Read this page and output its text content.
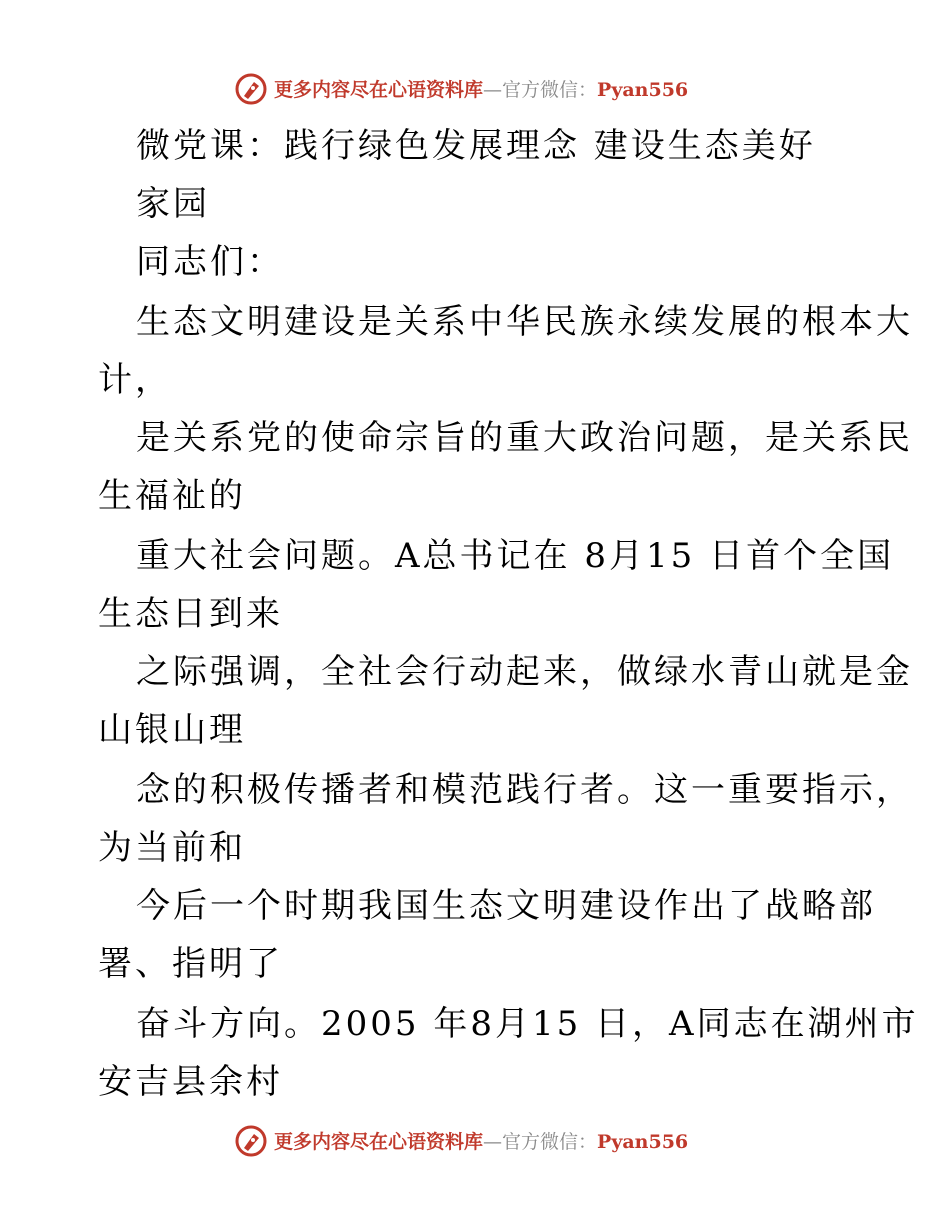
更多内容尽在心语资料库—官方微信：Pyan556
微党课：践行绿色发展理念 建设生态美好
家园
同志们：
生态文明建设是关系中华民族永续发展的根本大
计，
是关系党的使命宗旨的重大政治问题，是关系民
生福祉的
重大社会问题。A总书记在 8月15 日首个全国
生态日到来
之际强调，全社会行动起来，做绿水青山就是金
山银山理
念的积极传播者和模范践行者。这一重要指示，
为当前和
今后一个时期我国生态文明建设作出了战略部
署、指明了
奋斗方向。2005 年8月15 日，A同志在湖州市
安吉县余村
更多内容尽在心语资料库—官方微信：Pyan556
